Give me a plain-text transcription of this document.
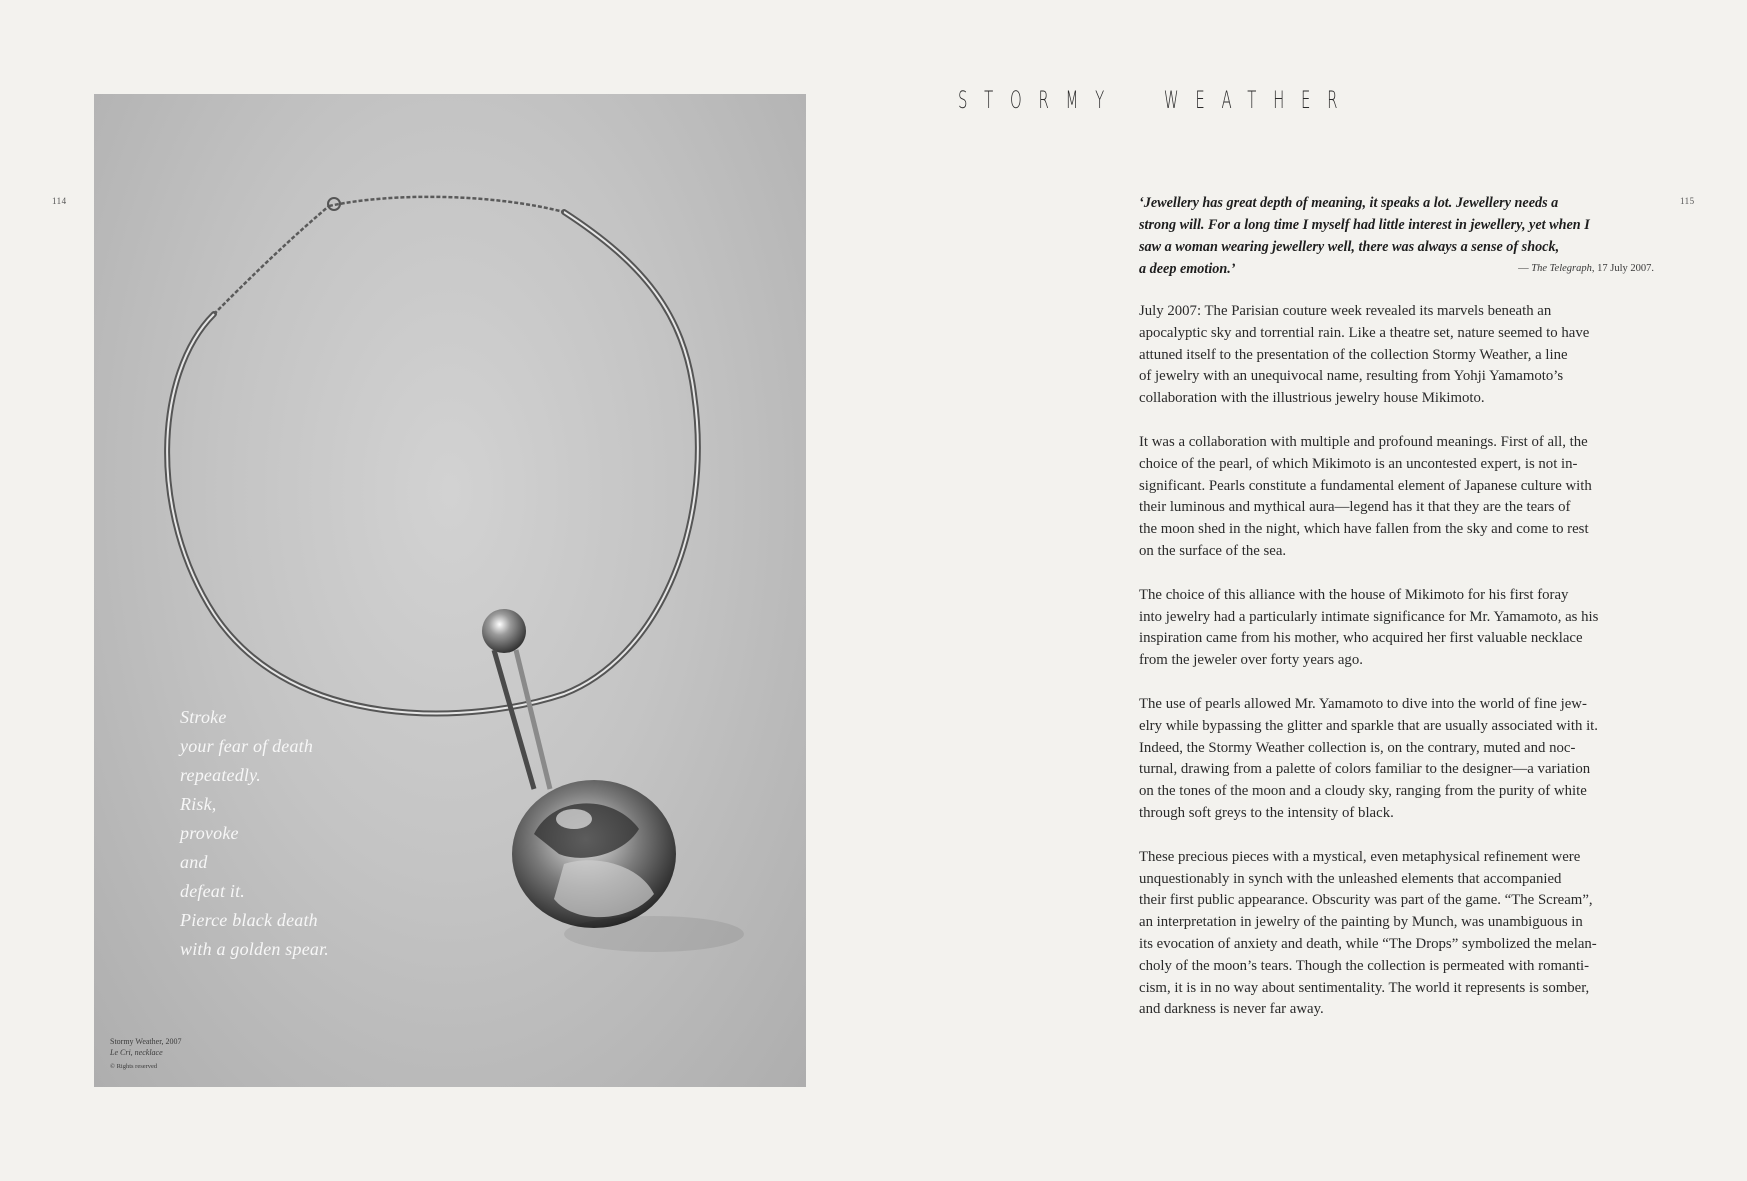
114
Stroke
your fear of death
repeatedly.
Risk,
provoke
and
defeat it.
Pierce black death
with a golden spear.
Stormy Weather, 2007
Le Cri, necklace
© Rights reserved
STORMY  WEATHER
115
‘Jewellery has great depth of meaning, it speaks a lot. Jewellery needs a
strong will. For a long time I myself had little interest in jewellery, yet when I
saw a woman wearing jewellery well, there was always a sense of shock,
a deep emotion.’	— The Telegraph, 17 July 2007.

July 2007: The Parisian couture week revealed its marvels beneath an
apocalyptic sky and torrential rain. Like a theatre set, nature seemed to have
attuned itself to the presentation of the collection Stormy Weather, a line
of jewelry with an unequivocal name, resulting from Yohji Yamamoto’s
collaboration with the illustrious jewelry house Mikimoto.

It was a collaboration with multiple and profound meanings. First of all, the
choice of the pearl, of which Mikimoto is an uncontested expert, is not in-
significant. Pearls constitute a fundamental element of Japanese culture with
their luminous and mythical aura—legend has it that they are the tears of
the moon shed in the night, which have fallen from the sky and come to rest
on the surface of the sea.

The choice of this alliance with the house of Mikimoto for his first foray
into jewelry had a particularly intimate significance for Mr. Yamamoto, as his
inspiration came from his mother, who acquired her first valuable necklace
from the jeweler over forty years ago.

The use of pearls allowed Mr. Yamamoto to dive into the world of fine jew-
elry while bypassing the glitter and sparkle that are usually associated with it.
Indeed, the Stormy Weather collection is, on the contrary, muted and noc-
turnal, drawing from a palette of colors familiar to the designer—a variation
on the tones of the moon and a cloudy sky, ranging from the purity of white
through soft greys to the intensity of black.

These precious pieces with a mystical, even metaphysical refinement were
unquestionably in synch with the unleashed elements that accompanied
their first public appearance. Obscurity was part of the game. “The Scream”,
an interpretation in jewelry of the painting by Munch, was unambiguous in
its evocation of anxiety and death, while “The Drops” symbolized the melan-
choly of the moon’s tears. Though the collection is permeated with romanti-
cism, it is in no way about sentimentality. The world it represents is somber,
and darkness is never far away.
